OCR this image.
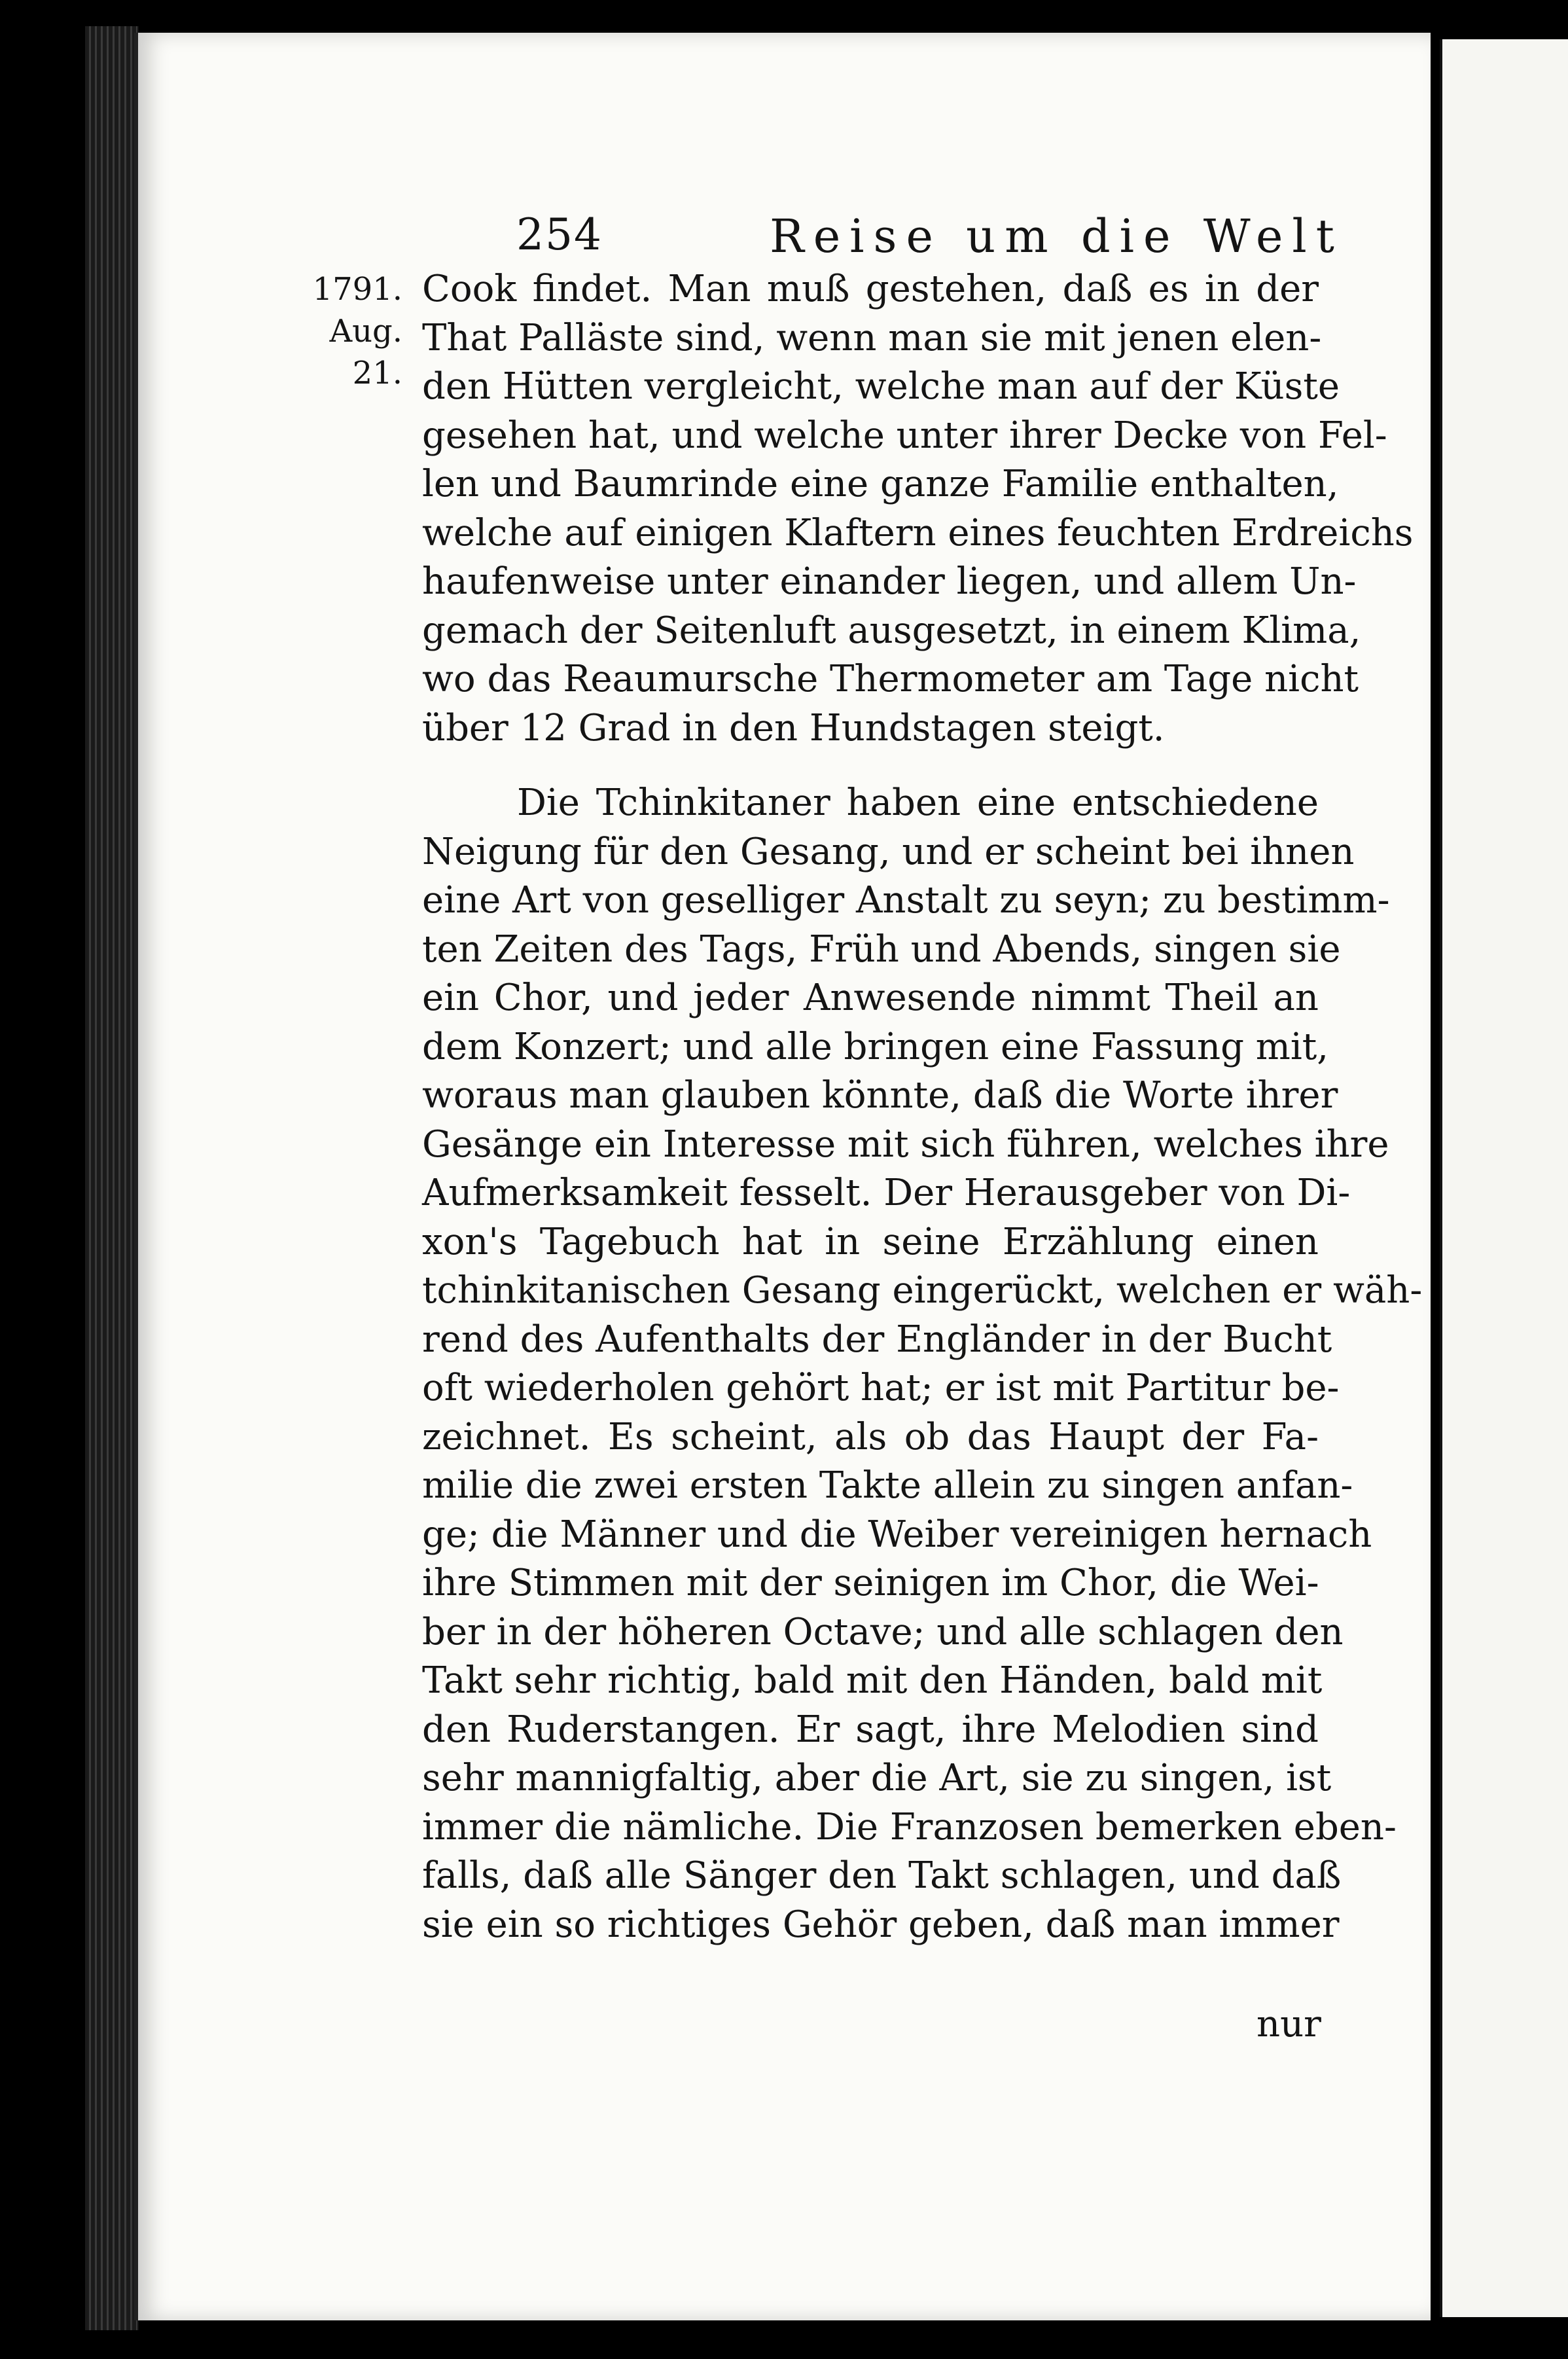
254	Reise um die Welt
1791.
Aug.
21.
Cook findet. Man muß gestehen, daß es in der
That Palläste sind, wenn man sie mit jenen elen-
den Hütten vergleicht, welche man auf der Küste
gesehen hat, und welche unter ihrer Decke von Fel-
len und Baumrinde eine ganze Familie enthalten,
welche auf einigen Klaftern eines feuchten Erdreichs
haufenweise unter einander liegen, und allem Un-
gemach der Seitenluft ausgesetzt, in einem Klima,
wo das Reaumursche Thermometer am Tage nicht
über 12 Grad in den Hundstagen steigt.
Die Tchinkitaner haben eine entschiedene
Neigung für den Gesang, und er scheint bei ihnen
eine Art von geselliger Anstalt zu seyn; zu bestimm-
ten Zeiten des Tags, Früh und Abends, singen sie
ein Chor, und jeder Anwesende nimmt Theil an
dem Konzert; und alle bringen eine Fassung mit,
woraus man glauben könnte, daß die Worte ihrer
Gesänge ein Interesse mit sich führen, welches ihre
Aufmerksamkeit fesselt. Der Herausgeber von Di-
xon's Tagebuch hat in seine Erzählung einen
tchinkitanischen Gesang eingerückt, welchen er wäh-
rend des Aufenthalts der Engländer in der Bucht
oft wiederholen gehört hat; er ist mit Partitur be-
zeichnet. Es scheint, als ob das Haupt der Fa-
milie die zwei ersten Takte allein zu singen anfan-
ge; die Männer und die Weiber vereinigen hernach
ihre Stimmen mit der seinigen im Chor, die Wei-
ber in der höheren Octave; und alle schlagen den
Takt sehr richtig, bald mit den Händen, bald mit
den Ruderstangen. Er sagt, ihre Melodien sind
sehr mannigfaltig, aber die Art, sie zu singen, ist
immer die nämliche. Die Franzosen bemerken eben-
falls, daß alle Sänger den Takt schlagen, und daß
sie ein so richtiges Gehör geben, daß man immer
nur
